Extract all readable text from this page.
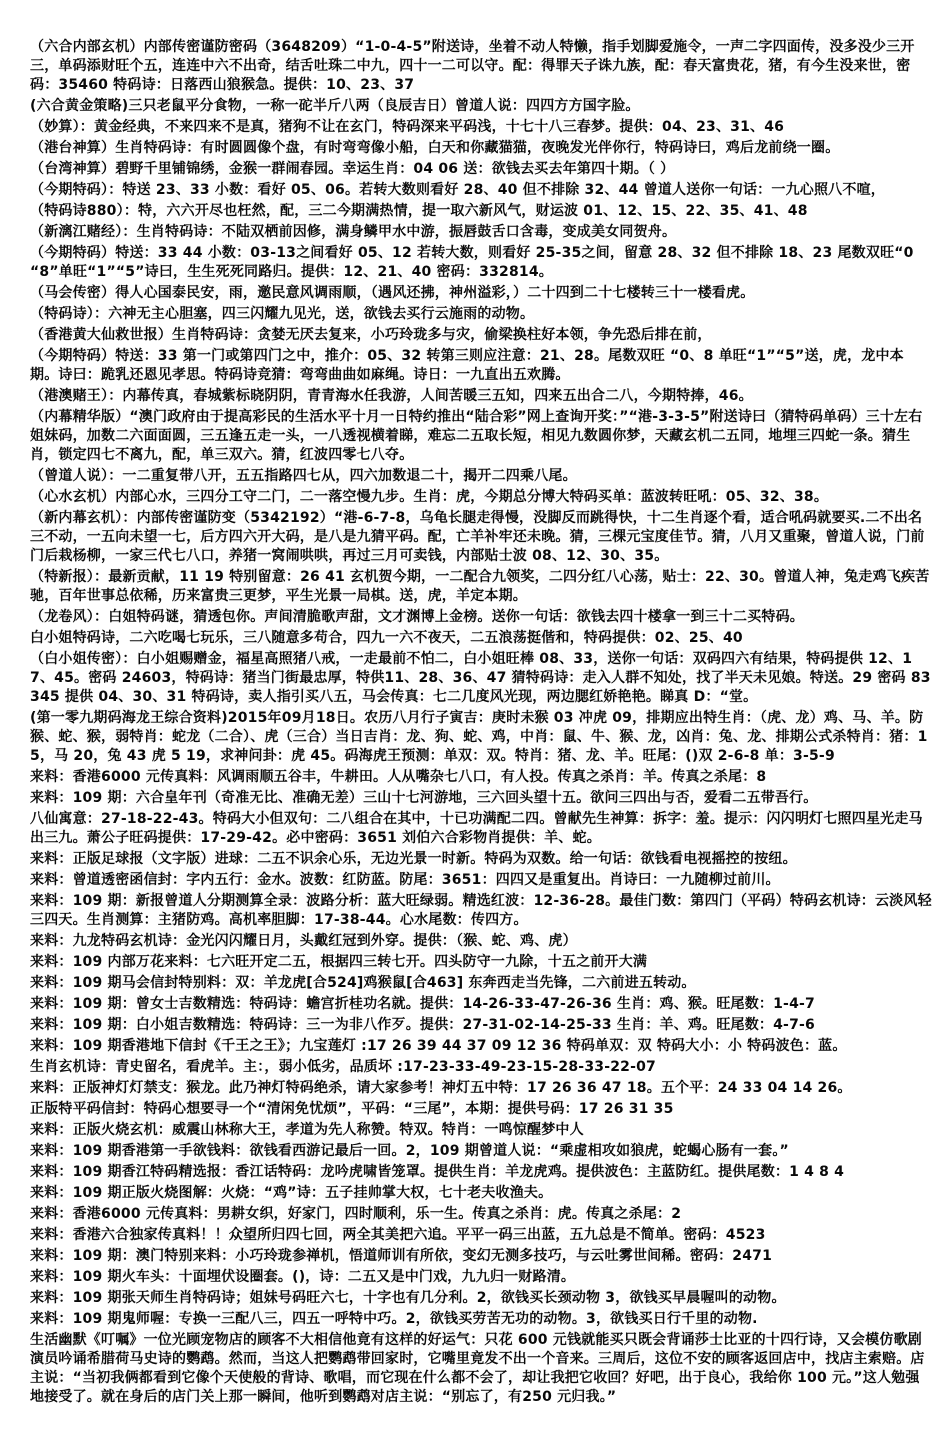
（六合内部玄机）内部传密谨防密码（3648209）“1-0-4-5”附送诗，坐着不动人特懒，指手划脚爱施令，一声二字四面传，没多没少三开三，单码添财旺个五，连连中六不出奇，结舌吐珠二中九，四十一二可以守。配：得罪天子诛九族，配：春天富贵花，猪，有今生没来世，密码：35460 特码诗：日落西山狼猴急。提供：10、23、37
(六合黄金策略)三只老鼠平分食物，一称一砣半斤八两（良辰吉日）曾道人说：四四方方国字脸。
（妙算）：黄金经典，不来四来不是真，猪狗不让在玄门，特码深来平码浅，十七十八三春梦。提供：04、23、31、46
（港台神算）生肖特码诗：有时圆圆像个盘，有时弯弯像小船，白天和你藏猫猫，夜晚发光伴你行，特码诗曰，鸡后龙前绕一圈。
（台湾神算）碧野千里铺锦绣，金猴一群闹春园。幸运生肖：04 06 送：欲钱去买去年第四十期。（ ）
（今期特码）：特送 23、33 小数：看好 05、06。若转大数则看好 28、40 但不排除 32、44 曾道人送你一句话：一九心照八不喧，
（特码诗880）：特，六六开尽也枉然，配，三二今期满热情，提一取六新风气，财运波 01、12、15、22、35、41、48
（新漓江赌经）：生肖特码诗：不陆双栖前因修，满身鳞甲水中游，振唇鼓舌口含毒，变成美女同贺舟。
（今期特码）特送：33 44 小数：03-13之间看好 05、12 若转大数，则看好 25-35之间，留意 28、32 但不排除 18、23 尾数双旺“0 “8”单旺“1”“5”诗曰，生生死死同路归。提供：12、21、40 密码：332814。
（马会传密）得人心国泰民安，雨，邀民意风调雨顺，（遇风还拂，神州溢彩，）二十四到二十七楼转三十一楼看虎。
（特码诗）：六神无主心胆塞，四三闪耀九见光，送，欲钱去买行云施雨的动物。
（香港黄大仙救世报）生肖特码诗：贪婪无厌去复来，小巧玲珑多与灾，偷梁换柱好本领，争先恐后排在前，
（今期特码）特送：33 第一门或第四门之中，推介：05、32 转第三则应注意：21、28。尾数双旺 “0、8 单旺“1”“5”送，虎，龙中本期。诗曰：跪乳还恩见孝思。特码诗竞猜：弯弯曲曲如麻绳。诗日：一九直出五欢腾。
（港澳赌王）：内幕传真，春城紫标晓阴阴，青青海水任我游，人间苦暖三五知，四来五出合二八，今期特捧，46。
（内幕精华版）“澳门政府由于提高彩民的生活水平十月一日特约推出“陆合彩”网上查询开奖：”“港-3-3-5”附送诗曰（猜特码单码）三十左右姐妹码，加数二六面面圆，三五逢五走一头，一八透视横着睇，难忘二五取长短，相见九数圆你梦，天藏玄机二五同，地埋三四蛇一条。猜生肖，锁定四七不离九，配，单三双六。猜，红波四零七八夺。
（曾道人说）：一二重复带八开，五五指路四七从，四六加数退二十，揭开二四乘八尾。
（心水玄机）内部心水，三四分工守二门，二一落空慢九步。生肖：虎，今期总分博大特码买单：蓝波转旺吼：05、32、38。
（新内幕玄机）：内部传密谨防变（5342192）“港-6-7-8，乌龟长腿走得慢，没脚反而跳得快，十二生肖逐个看，适合吼码就要买.二不出名三不动，一五向未望一七，后方四六开大码，是八是九猜平码。配，亡羊补牢还未晚。猜，三棵元宝度佳节。猜，八月又重聚，曾道人说，门前门后栽杨柳，一家三代七八口，养猪一窝闹哄哄，再过三月可卖钱，内部贴士波 08、12、30、35。
（特新报）：最新贡献，11 19 特别留意：26 41 玄机贺今期，一二配合九领奖，二四分红八心荡，贴士：22、30。曾道人神，兔走鸡飞疾苦驰，百年世事总依稀，历来富贵三更梦，平生光景一局棋。送，虎，羊定本期。
（龙卷风）：白姐特码谜，猜透包你。声间清脆歌声甜，文才渊博上金榜。送你一句话：欲钱去四十楼拿一到三十二买特码。
白小姐特码诗，二六吃喝七玩乐，三八随意多苟合，四九一六不夜天，二五浪荡挺偕和，特码提供：02、25、40
（白小姐传密）：白小姐赐赠金，福星高照猪八戒，一走最前不怕二，白小姐旺棒 08、33，送你一句话：双码四六有结果，特码提供 12、17、45。密码 24603，特码诗：猪当门街最忠厚，特供11、28、36、47 猜特码诗：走入人群不知处，找了半天未见娘。特送。29 密码 83345 提供 04、30、31 特码诗，卖人指引买八五，马会传真：七二几度风光现，两边腮红娇艳艳。睇真 D：“堂。
(第一零九期码海龙王综合资料)2015年09月18日。农历八月行子寅吉：庚时未猴 03 冲虎 09，排期应出特生肖：（虎、龙）鸡、马、羊。防猴、蛇、猴，弱特肖：蛇龙（二合）、虎（三合）当日吉肖：龙、狗、蛇、鸡，中肖：鼠、牛、猴、龙，凶肖：兔、龙、排期公式杀特肖：猪：15，马 20，兔 43 虎 5 19，求神问卦：虎 45。码海虎王预测：单双：双。特肖：猪、龙、羊。旺尾：()双 2-6-8 单：3-5-9
来料：香港6000 元传真料：风调雨顺五谷丰，牛耕田。人从嘴杂七八口，有人投。传真之杀肖：羊。传真之杀尾：8
来料：109 期：六合皇年刊（奇准无比、准确无差）三山十七河游地，三六回头望十五。欲问三四出与否，爱看二五带吾行。
八仙寓意：27-18-22-43。特码大小但双句：二八组合在其中，十已功满配二四。曾献先生神算：拆字：羞。提示：闪闪明灯七照四星光走马出三九。萧公子旺码提供：17-29-42。必中密码：3651 刘伯六合彩物肖提供：羊、蛇。
来料：正版足球报（文字版）进球：二五不识余心乐，无边光景一时新。特码为双数。给一句话：欲钱看电视摇控的按纽。
来料：曾道透密函信封：字内五行：金水。波数：红防蓝。防尾：3651：四四又是重复出。肖诗曰：一九随柳过前川。
来料：109 期：新报曾道人分期测算全录：波路分析：蓝大旺绿弱。精选红波：12-36-28。最佳门数：第四门（平码）特码玄机诗：云淡风轻三四天。生肖测算：主猪防鸡。高机率胆脚：17-38-44。心水尾数：传四方。
来料：九龙特码玄机诗：金光闪闪耀日月，头戴红冠到外穿。提供：（猴、蛇、鸡、虎）
来料：109 内部万花来料：七六旺开定二五，根据四三转七开。四头防守一九除，十五之前开大满
来料：109 期马会信封特别料：双：羊龙虎[合524]鸡猴鼠[合463] 东奔西走当先锋，二六前进五转动。
来料：109 期：曾女士吉数精选：特码诗：蟾宫折桂功名就。提供：14-26-33-47-26-36 生肖：鸡、猴。旺尾数：1-4-7
来料：109 期：白小姐吉数精选：特码诗：三一为非八作歹。提供：27-31-02-14-25-33 生肖：羊、鸡。旺尾数：4-7-6
来料：109 期香港地下信封《千王之王》；九宝莲灯 :17 26 39 44 37 09 12 36 特码单双：双 特码大小：小 特码波色：蓝。
生肖玄机诗：青史留名，看虎羊。主：，弱小低劣，品质坏 :17-23-33-49-23-15-28-33-22-07
来料：正版神灯灯禁支：猴龙。此乃神灯特码绝杀，请大家参考！神灯五中特：17 26 36 47 18。五个平：24 33 04 14 26。
正版特平码信封：特码心想要寻一个“清闲免忧烦”，平码：“三尾”，本期：提供号码：17 26 31 35
来料：正版火烧玄机：威震山林称大王，孝道为先人称赞。特双。特肖：一鸣惊醒梦中人
来料：109 期香港第一手欲钱料：欲钱看西游记最后一回。2，109 期曾道人说：“乘虚相攻如狼虎，蛇蝎心肠有一套。”
来料：109 期香江特码精选报：香江话特码：龙吟虎啸皆笼罩。提供生肖：羊龙虎鸡。提供波色：主蓝防红。提供尾数：1 4 8 4
来料：109 期正版火烧图解：火烧：“鸡”诗：五子挂帅掌大权，七十老夫收渔夫。
来料：香港6000 元传真料：男耕女织，好家门，四时顺利，乐一生。传真之杀肖：虎。传真之杀尾：2
来料：香港六合独家传真料！！众望所归四七回，两全其美把六追。平平一码三出蓝，五九总是不简单。密码：4523
来料：109 期：澳门特别来料：小巧玲珑参禅机，悟道师训有所依，变幻无测多技巧，与云吐雾世间稀。密码：2471
来料：109 期火车头：十面埋伏设圈套。()，诗：二五又是中门戏，九九归一财路清。
来料：109 期张天师生肖特码诗；姐妹号码旺六七，十字也有几分利。2，欲钱买长颈动物 3，欲钱买早晨喔叫的动物。
来料：109 期鬼师喔：专换一三配八三，四五一呼特中巧。2，欲钱买劳苦无功的动物。3，欲钱买日行千里的动物.
生活幽默《叮嘱》一位光顾宠物店的顾客不大相信他竟有这样的好运气：只花 600 元钱就能买只既会背诵莎士比亚的十四行诗，又会模仿歌剧演员吟诵希腊荷马史诗的鹦鹉。然而，当这人把鹦鹉带回家时，它嘴里竟发不出一个音来。三周后，这位不安的顾客返回店中，找店主索赔。店主说：“当初我俩都看到它像个天使般的背诗、歌唱，而它现在什么都不会了，却让我把它收回？好吧，出于良心，我给你 100 元。”这人勉强地接受了。就在身后的店门关上那一瞬间，他听到鹦鹉对店主说：“别忘了，有250 元归我。”
